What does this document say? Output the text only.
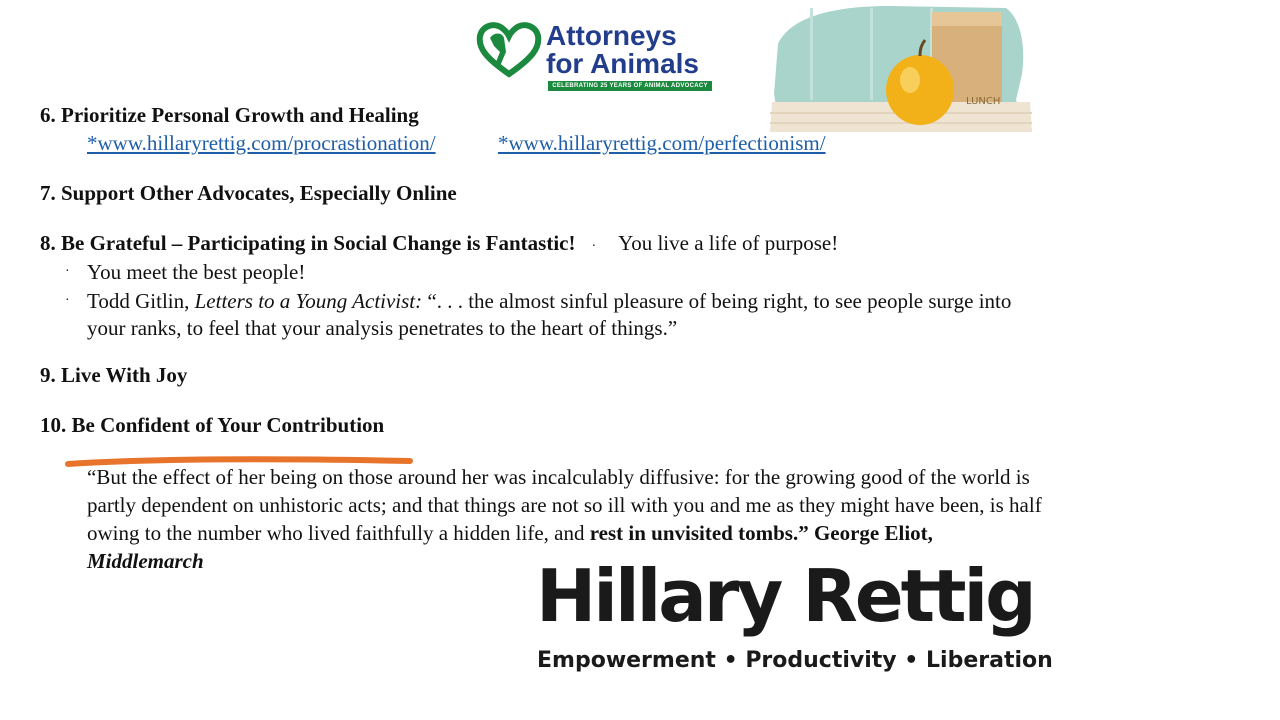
Attorneys
for Animals
CELEBRATING 25 YEARS OF ANIMAL ADVOCACY
LUNCH
6. Prioritize Personal Growth and Healing
*www.hillaryrettig.com/procrastionation/	*www.hillaryrettig.com/perfectionism/
7. Support Other Advocates, Especially Online
8. Be Grateful – Participating in Social Change is Fantastic! · You live a life of purpose!
· You meet the best people!
· Todd Gitlin, Letters to a Young Activist: “. . . the almost sinful pleasure of being right, to see people surge into
your ranks, to feel that your analysis penetrates to the heart of things.”
9. Live With Joy
10. Be Confident of Your Contribution
“But the effect of her being on those around her was incalculably diffusive: for the growing good of the world is
partly dependent on unhistoric acts; and that things are not so ill with you and me as they might have been, is half
owing to the number who lived faithfully a hidden life, and rest in unvisited tombs.” George Eliot,
Middlemarch	Hillary Rettig
Empowerment • Productivity • Liberation
